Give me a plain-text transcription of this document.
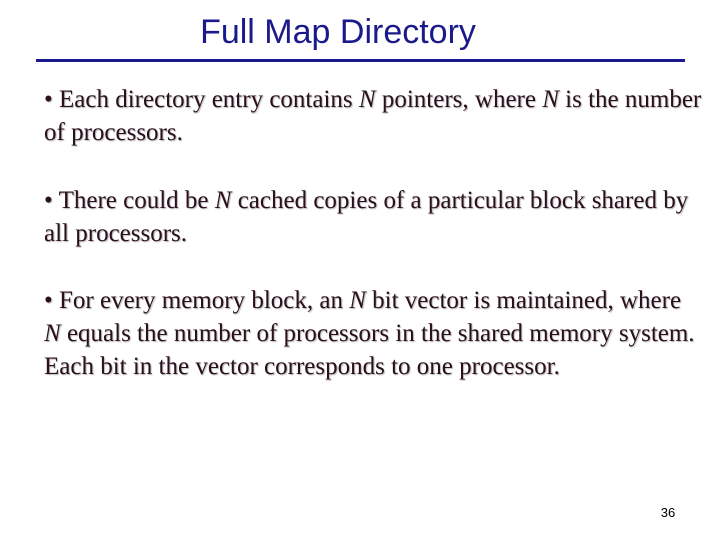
Full Map Directory

• Each directory entry contains N pointers, where N is the number of processors.

• There could be N cached copies of a particular block shared by all processors.

• For every memory block, an N bit vector is maintained, where N equals the number of processors in the shared memory system. Each bit in the vector corresponds to one processor.

36
